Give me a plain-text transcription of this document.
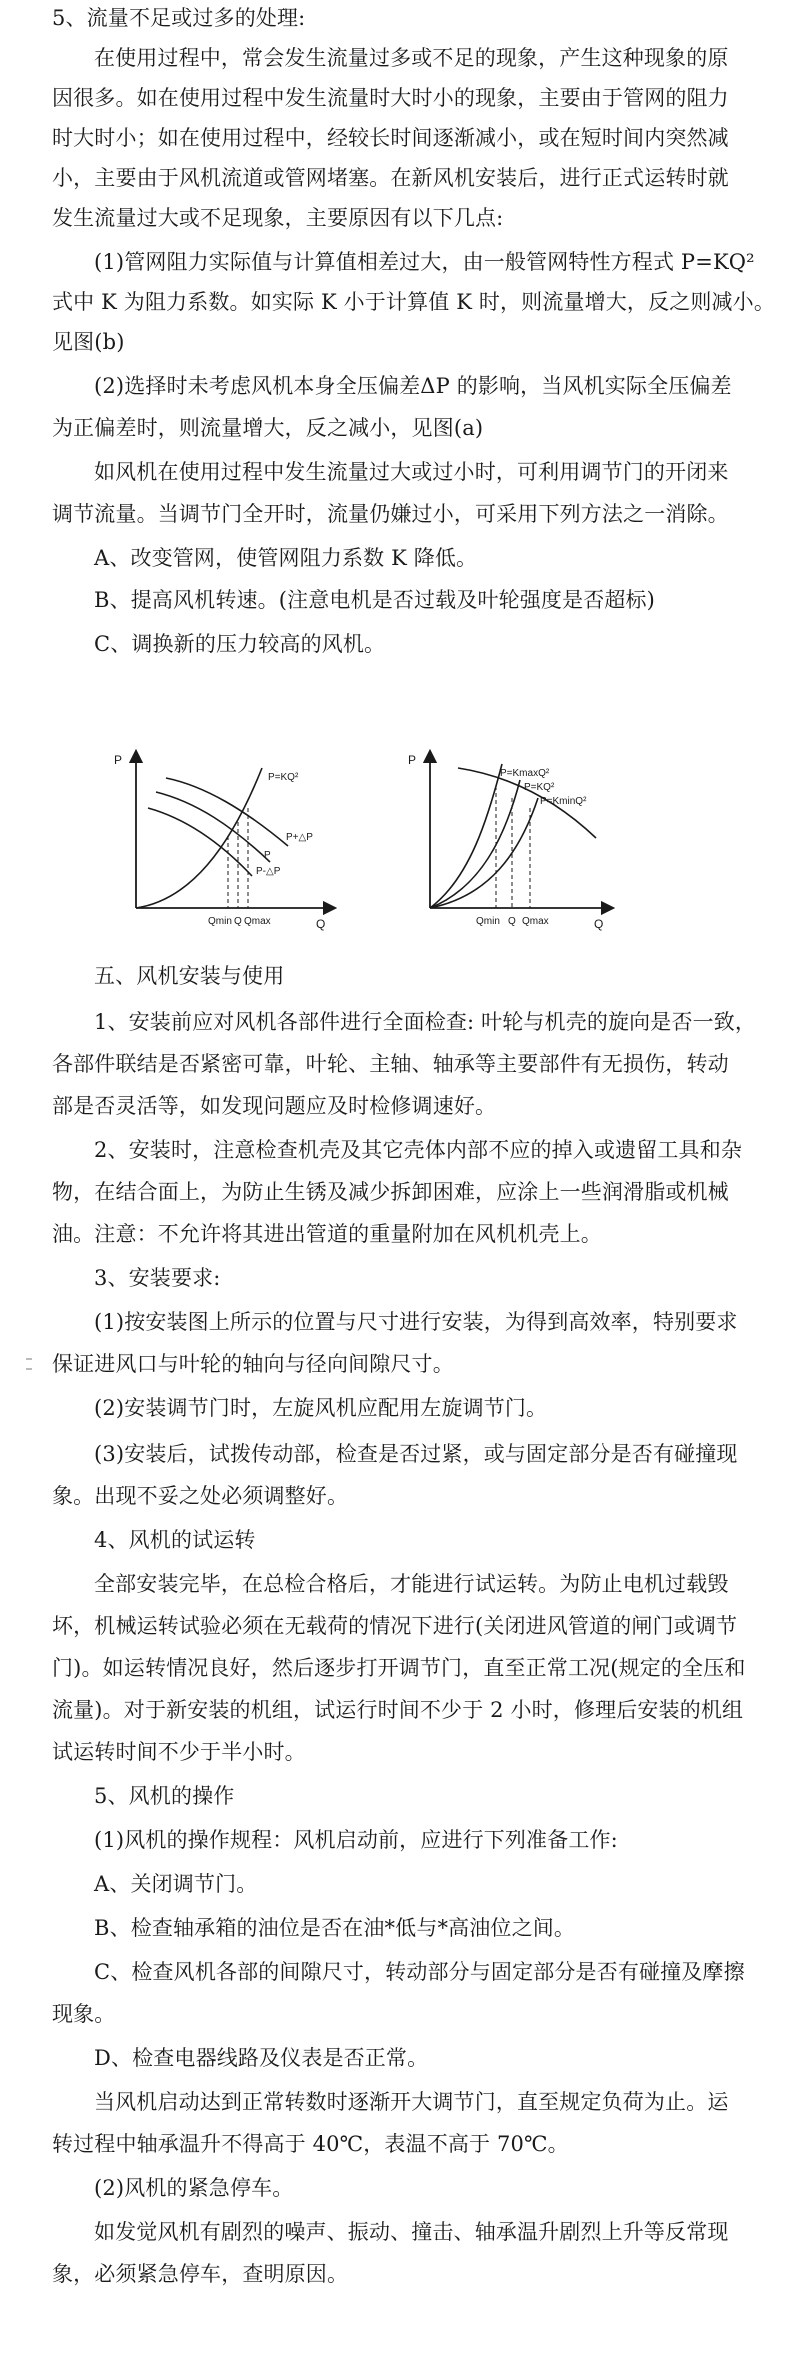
5、流量不足或过多的处理:
在使用过程中，常会发生流量过多或不足的现象，产生这种现象的原
因很多。如在使用过程中发生流量时大时小的现象，主要由于管网的阻力
时大时小；如在使用过程中，经较长时间逐渐减小，或在短时间内突然减
小，主要由于风机流道或管网堵塞。在新风机安装后，进行正式运转时就
发生流量过大或不足现象，主要原因有以下几点:
(1)管网阻力实际值与计算值相差过大，由一般管网特性方程式 P=KQ²
式中 K 为阻力系数。如实际 K 小于计算值 K 时，则流量增大，反之则减小。
见图(b)
(2)选择时未考虑风机本身全压偏差ΔP 的影响，当风机实际全压偏差
为正偏差时，则流量增大，反之减小，见图(a)
如风机在使用过程中发生流量过大或过小时，可利用调节门的开闭来
调节流量。当调节门全开时，流量仍嫌过小，可采用下列方法之一消除。
A、改变管网，使管网阻力系数 K 降低。
B、提高风机转速。(注意电机是否过载及叶轮强度是否超标)
C、调换新的压力较高的风机。
P
Q
P=KQ²
P+△P
P
P-△P
Qmin Q Qmax
P
Q
P=KmaxQ²
P=KQ²
P=KminQ²
Qmin Q Qmax
五、风机安装与使用
1、安装前应对风机各部件进行全面检查: 叶轮与机壳的旋向是否一致，
各部件联结是否紧密可靠，叶轮、主轴、轴承等主要部件有无损伤，转动
部是否灵活等，如发现问题应及时检修调速好。
2、安装时，注意检查机壳及其它壳体内部不应的掉入或遗留工具和杂
物，在结合面上，为防止生锈及减少拆卸困难，应涂上一些润滑脂或机械
油。注意：不允许将其进出管道的重量附加在风机机壳上。
3、安装要求:
(1)按安装图上所示的位置与尺寸进行安装，为得到高效率，特别要求
保证进风口与叶轮的轴向与径向间隙尺寸。
(2)安装调节门时，左旋风机应配用左旋调节门。
(3)安装后，试拨传动部，检查是否过紧，或与固定部分是否有碰撞现
象。出现不妥之处必须调整好。
4、风机的试运转
全部安装完毕，在总检合格后，才能进行试运转。为防止电机过载毁
坏，机械运转试验必须在无载荷的情况下进行(关闭进风管道的闸门或调节
门)。如运转情况良好，然后逐步打开调节门，直至正常工况(规定的全压和
流量)。对于新安装的机组，试运行时间不少于 2 小时，修理后安装的机组
试运转时间不少于半小时。
5、风机的操作
(1)风机的操作规程：风机启动前，应进行下列准备工作:
A、关闭调节门。
B、检查轴承箱的油位是否在油*低与*高油位之间。
C、检查风机各部的间隙尺寸，转动部分与固定部分是否有碰撞及摩擦
现象。
D、检查电器线路及仪表是否正常。
当风机启动达到正常转数时逐渐开大调节门，直至规定负荷为止。运
转过程中轴承温升不得高于 40℃，表温不高于 70℃。
(2)风机的紧急停车。
如发觉风机有剧烈的噪声、振动、撞击、轴承温升剧烈上升等反常现
象，必须紧急停车，查明原因。
